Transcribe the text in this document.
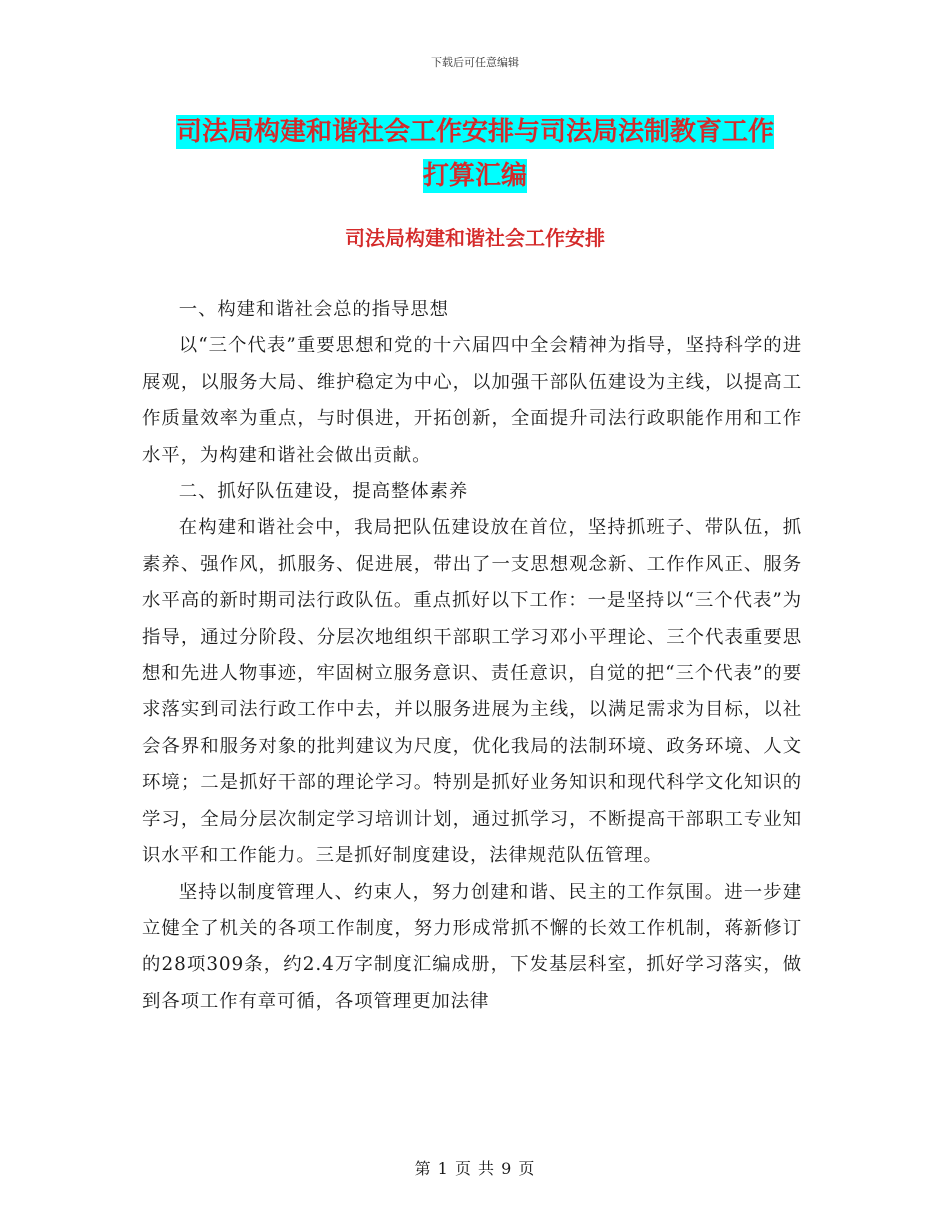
下载后可任意编辑
司法局构建和谐社会工作安排与司法局法制教育工作
打算汇编
司法局构建和谐社会工作安排

一、构建和谐社会总的指导思想

以“三个代表”重要思想和党的十六届四中全会精神为指导，坚持科学的进展观，以服务大局、维护稳定为中心，以加强干部队伍建设为主线，以提高工作质量效率为重点，与时俱进，开拓创新，全面提升司法行政职能作用和工作水平，为构建和谐社会做出贡献。

二、抓好队伍建设，提高整体素养

在构建和谐社会中，我局把队伍建设放在首位，坚持抓班子、带队伍，抓素养、强作风，抓服务、促进展，带出了一支思想观念新、工作作风正、服务水平高的新时期司法行政队伍。重点抓好以下工作：一是坚持以“三个代表”为指导，通过分阶段、分层次地组织干部职工学习邓小平理论、三个代表重要思想和先进人物事迹，牢固树立服务意识、责任意识，自觉的把“三个代表”的要求落实到司法行政工作中去，并以服务进展为主线，以满足需求为目标，以社会各界和服务对象的批判建议为尺度，优化我局的法制环境、政务环境、人文环境；二是抓好干部的理论学习。特别是抓好业务知识和现代科学文化知识的学习，全局分层次制定学习培训计划，通过抓学习，不断提高干部职工专业知识水平和工作能力。三是抓好制度建设，法律规范队伍管理。

坚持以制度管理人、约束人，努力创建和谐、民主的工作氛围。进一步建立健全了机关的各项工作制度，努力形成常抓不懈的长效工作机制，蒋新修订的28项309条，约2.4万字制度汇编成册，下发基层科室，抓好学习落实，做到各项工作有章可循，各项管理更加法律

第 1 页 共 9 页
